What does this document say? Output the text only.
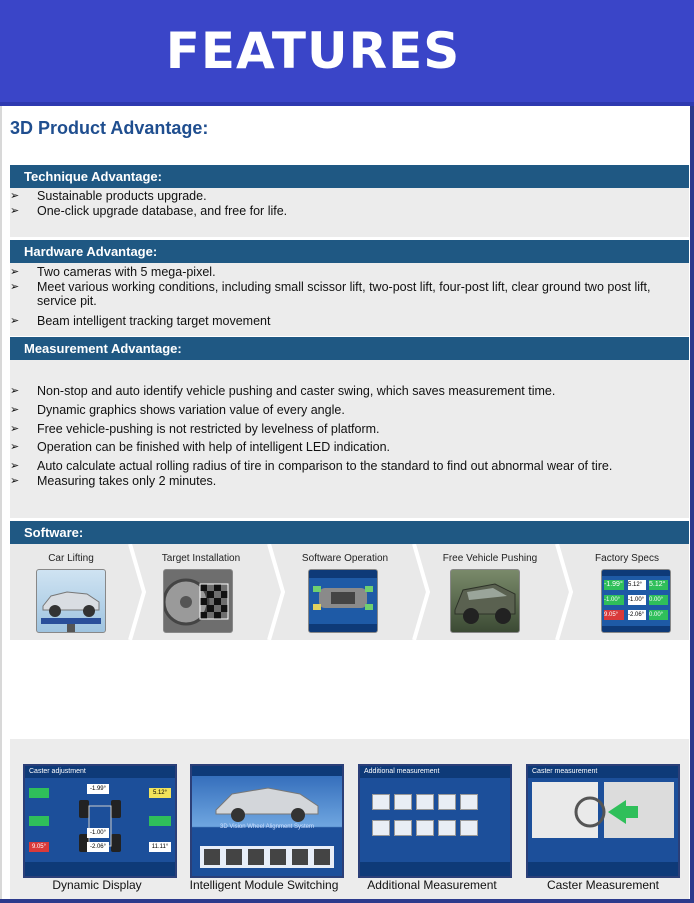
FEATURES
3D Product Advantage:
Technique Advantage:
➢ Sustainable products upgrade.
➢ One-click upgrade database, and free for life.
Hardware Advantage:
➢ Two cameras with 5 mega-pixel.
➢ Meet various working conditions, including small scissor lift, two-post lift, four-post lift, clear ground two post lift, service pit.
➢ Beam intelligent tracking target movement
Measurement Advantage:
➢ Non-stop and auto identify vehicle pushing and caster swing, which saves measurement time.
➢ Dynamic graphics shows variation value of every angle.
➢ Free vehicle-pushing is not restricted by levelness of platform.
➢ Operation can be finished with help of intelligent LED indication.
➢ Auto calculate actual rolling radius of tire in comparison to the standard to find out abnormal wear of tire.
➢ Measuring takes only 2 minutes.
Software:
Car Lifting	Target Installation	Software Operation	Free Vehicle Pushing	Factory Specs
-1.99° 5.12° 5.12°
-1.00°	-1.00° 0.00°
9.05°	-2.06° 0.00°
Caster adjustment
-1.99°
5.12°
-1.00°
-2.06°
9.05°	11.11°
3D Vision Wheel Alignment System
Additional measurement	Caster measurement
Dynamic Display	Intelligent Module Switching	Additional Measurement	Caster Measurement
